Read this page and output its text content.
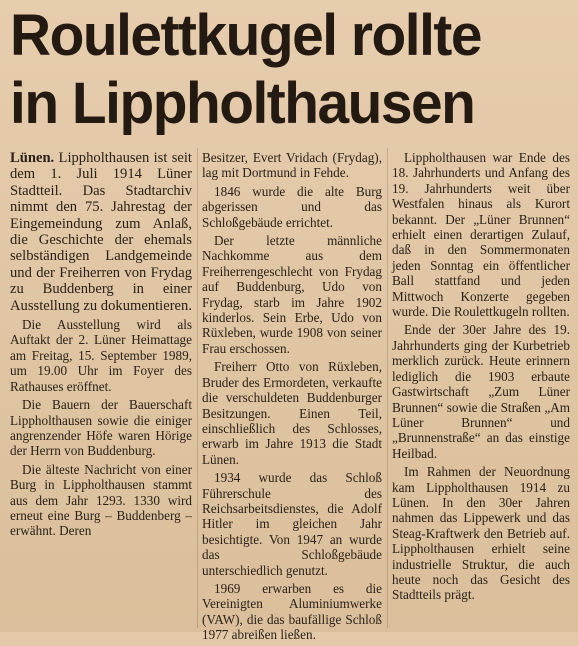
Roulettkugel rollte
in Lippholthausen

Lünen. Lippholthausen ist seit dem 1. Juli 1914 Lüner Stadtteil. Das Stadtarchiv nimmt den 75. Jahrestag der Eingemeindung zum Anlaß, die Geschichte der ehemals selbständigen Landgemeinde und der Freiherren von Frydag zu Buddenberg in einer Ausstellung zu dokumentieren.

Die Ausstellung wird als Auftakt der 2. Lüner Heimattage am Freitag, 15. September 1989, um 19.00 Uhr im Foyer des Rathauses eröffnet.

Die Bauern der Bauerschaft Lippholthausen sowie die einiger angrenzender Höfe waren Hörige der Herrn von Buddenburg.

Die älteste Nachricht von einer Burg in Lippholthausen stammt aus dem Jahr 1293. 1330 wird erneut eine Burg – Buddenberg – erwähnt. Deren

Besitzer, Evert Vridach (Frydag), lag mit Dortmund in Fehde.

1846 wurde die alte Burg abgerissen und das Schloßgebäude errichtet.

Der letzte männliche Nachkomme aus dem Freiherrengeschlecht von Frydag auf Buddenburg, Udo von Frydag, starb im Jahre 1902 kinderlos. Sein Erbe, Udo von Rüxleben, wurde 1908 von seiner Frau erschossen.

Freiherr Otto von Rüxleben, Bruder des Ermordeten, verkaufte die verschuldeten Buddenburger Besitzungen. Einen Teil, einschließlich des Schlosses, erwarb im Jahre 1913 die Stadt Lünen.

1934 wurde das Schloß Führerschule des Reichsarbeitsdienstes, die Adolf Hitler im gleichen Jahr besichtigte. Von 1947 an wurde das Schloßgebäude unterschiedlich genutzt.

1969 erwarben es die Vereinigten Aluminiumwerke (VAW), die das baufällige Schloß 1977 abreißen ließen.

Lippholthausen war Ende des 18. Jahrhunderts und Anfang des 19. Jahrhunderts weit über Westfalen hinaus als Kurort bekannt. Der „Lüner Brunnen“ erhielt einen derartigen Zulauf, daß in den Sommermonaten jeden Sonntag ein öffentlicher Ball stattfand und jeden Mittwoch Konzerte gegeben wurde. Die Roulettkugeln rollten.

Ende der 30er Jahre des 19. Jahrhunderts ging der Kurbetrieb merklich zurück. Heute erinnern lediglich die 1903 erbaute Gastwirtschaft „Zum Lüner Brunnen“ sowie die Straßen „Am Lüner Brunnen“ und „Brunnenstraße“ an das einstige Heilbad.

Im Rahmen der Neuordnung kam Lippholthausen 1914 zu Lünen. In den 30er Jahren nahmen das Lippewerk und das Steag-Kraftwerk den Betrieb auf. Lippholthausen erhielt seine industrielle Struktur, die auch heute noch das Gesicht des Stadtteils prägt.
